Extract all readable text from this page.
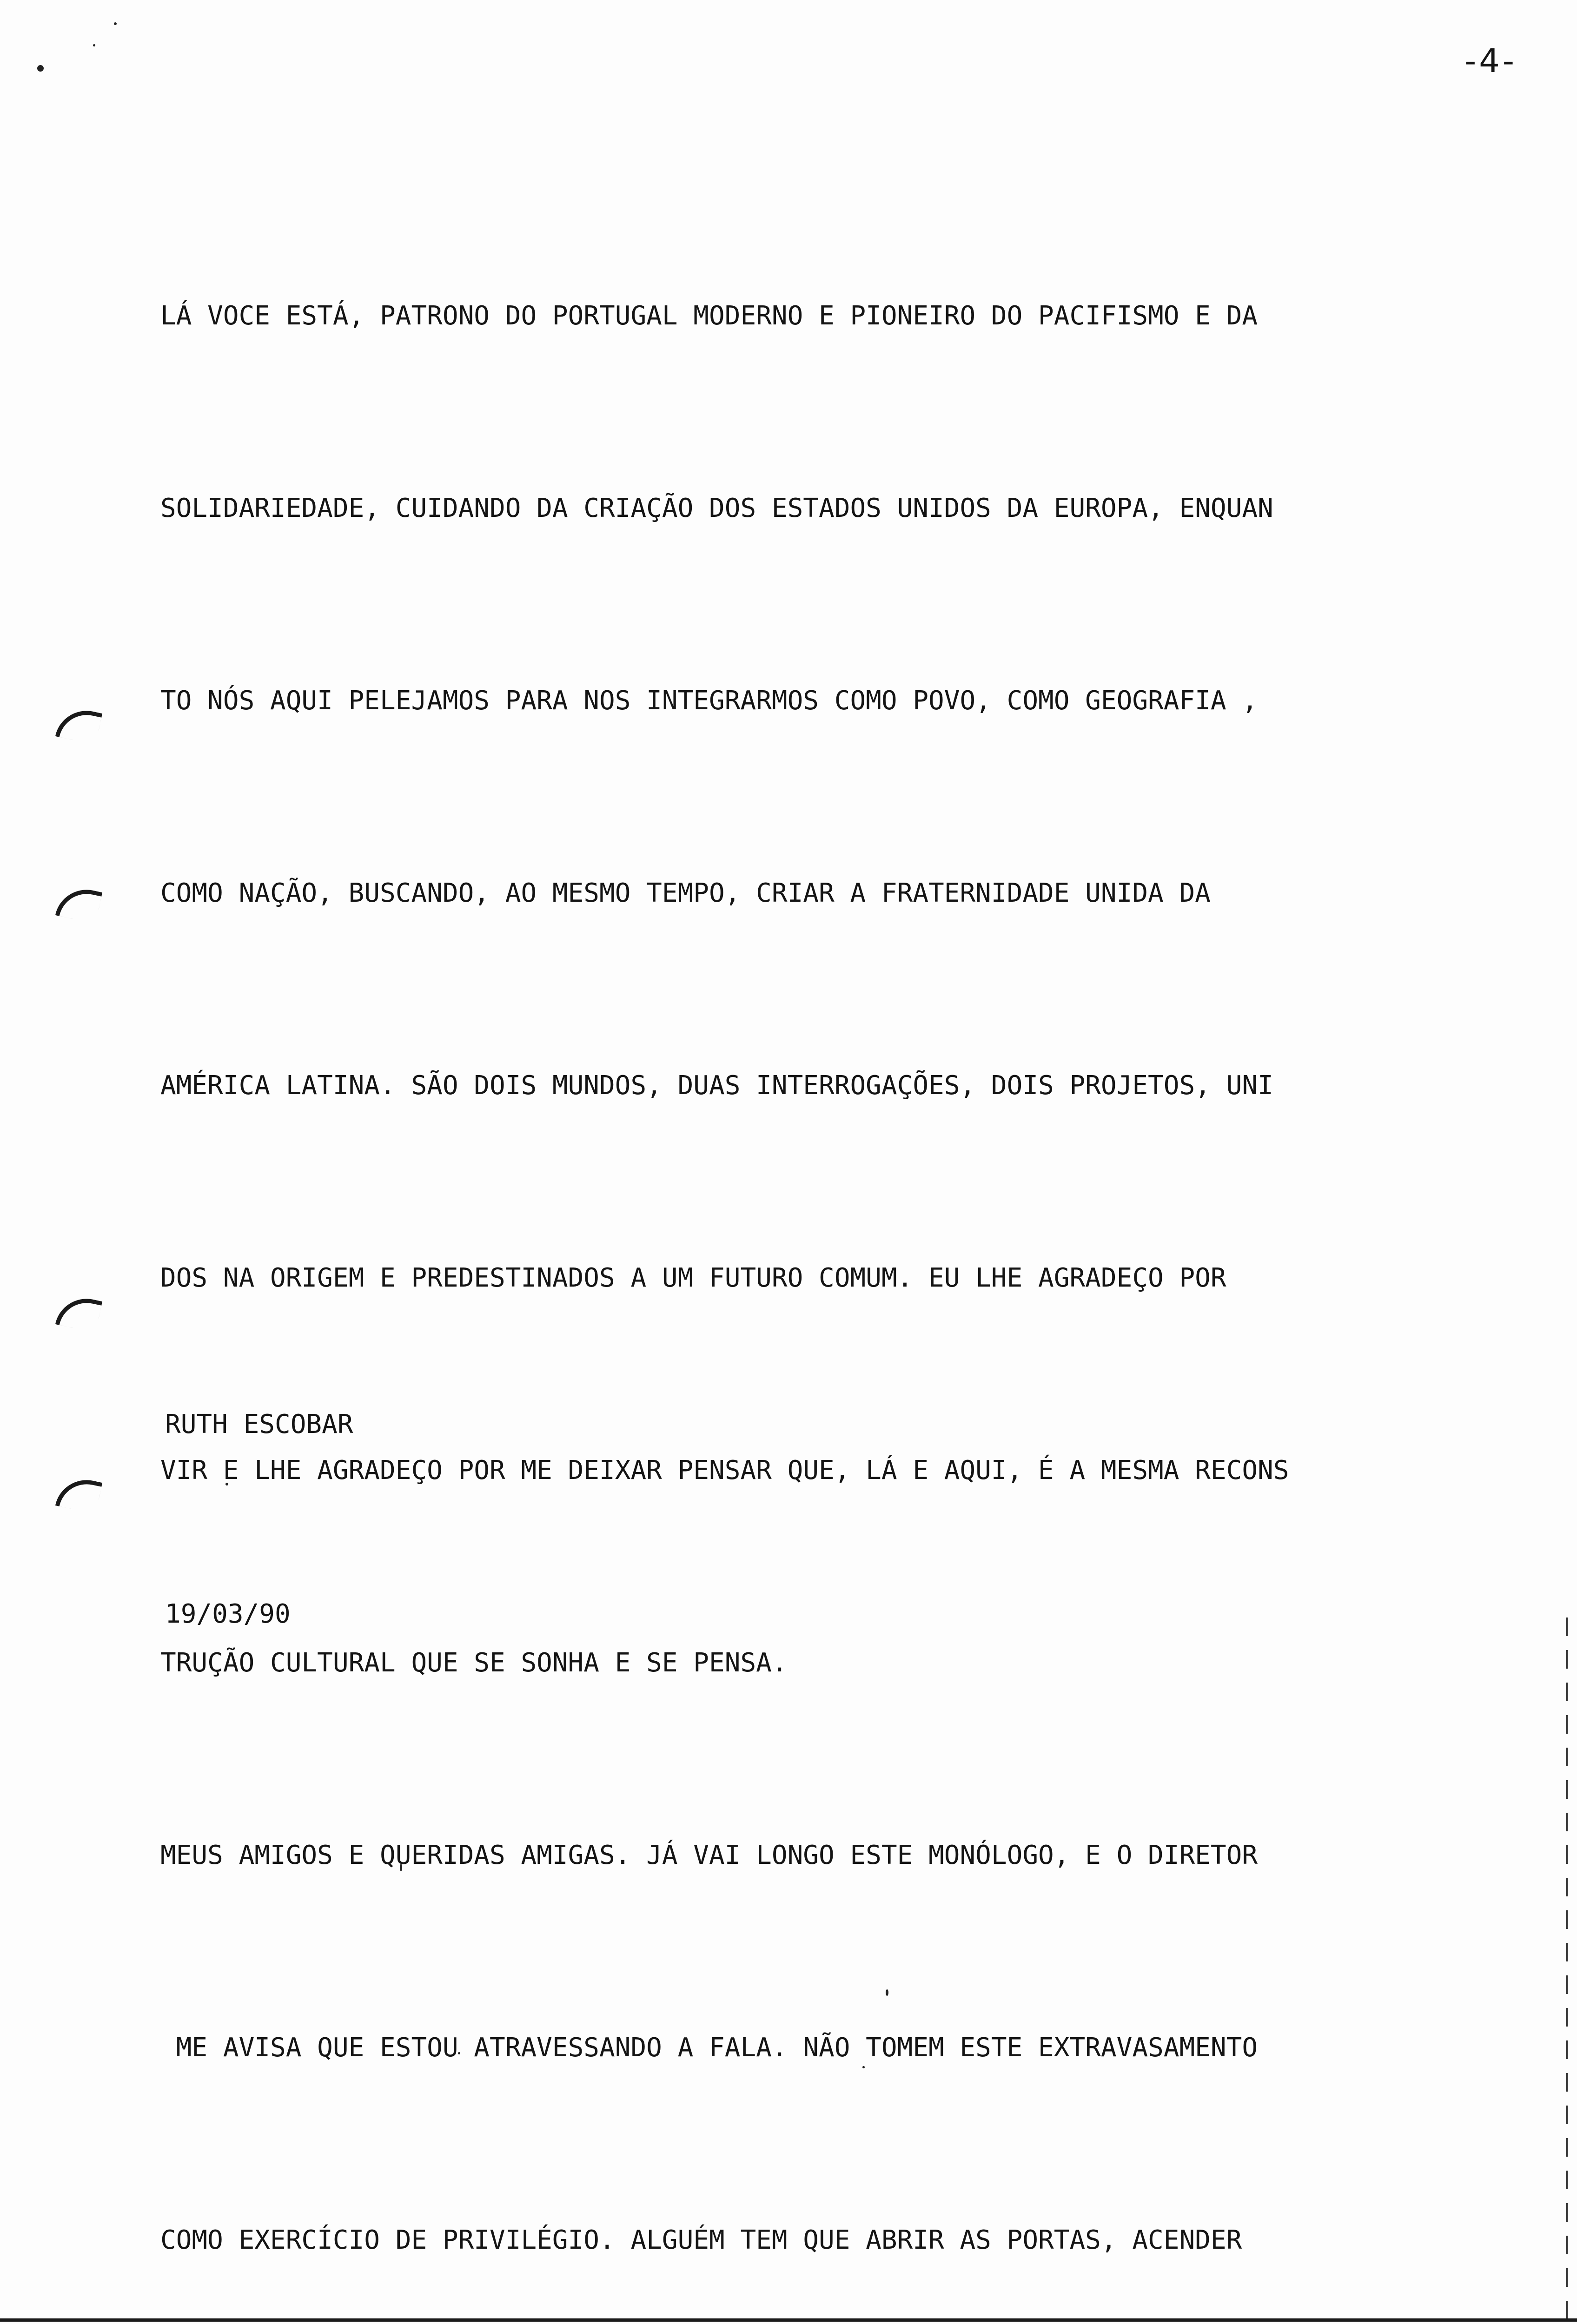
-4-

LÁ VOCE ESTÁ, PATRONO DO PORTUGAL MODERNO E PIONEIRO DO PACIFISMO E DA

SOLIDARIEDADE, CUIDANDO DA CRIAÇÃO DOS ESTADOS UNIDOS DA EUROPA, ENQUAN

TO NÓS AQUI PELEJAMOS PARA NOS INTEGRARMOS COMO POVO, COMO GEOGRAFIA ,

COMO NAÇÃO, BUSCANDO, AO MESMO TEMPO, CRIAR A FRATERNIDADE UNIDA DA

AMÉRICA LATINA. SÃO DOIS MUNDOS, DUAS INTERROGAÇÕES, DOIS PROJETOS, UNI

DOS NA ORIGEM E PREDESTINADOS A UM FUTURO COMUM. EU LHE AGRADEÇO POR

VIR E LHE AGRADEÇO POR ME DEIXAR PENSAR QUE, LÁ E AQUI, É A MESMA RECONS

TRUÇÃO CULTURAL QUE SE SONHA E SE PENSA.

MEUS AMIGOS E QUERIDAS AMIGAS. JÁ VAI LONGO ESTE MONÓLOGO, E O DIRETOR

ME AVISA QUE ESTOU ATRAVESSANDO A FALA. NÃO TOMEM ESTE EXTRAVASAMENTO

COMO EXERCÍCIO DE PRIVILÉGIO. ALGUÉM TEM QUE ABRIR AS PORTAS, ACENDER

RUTH ESCOBAR

19/03/90
